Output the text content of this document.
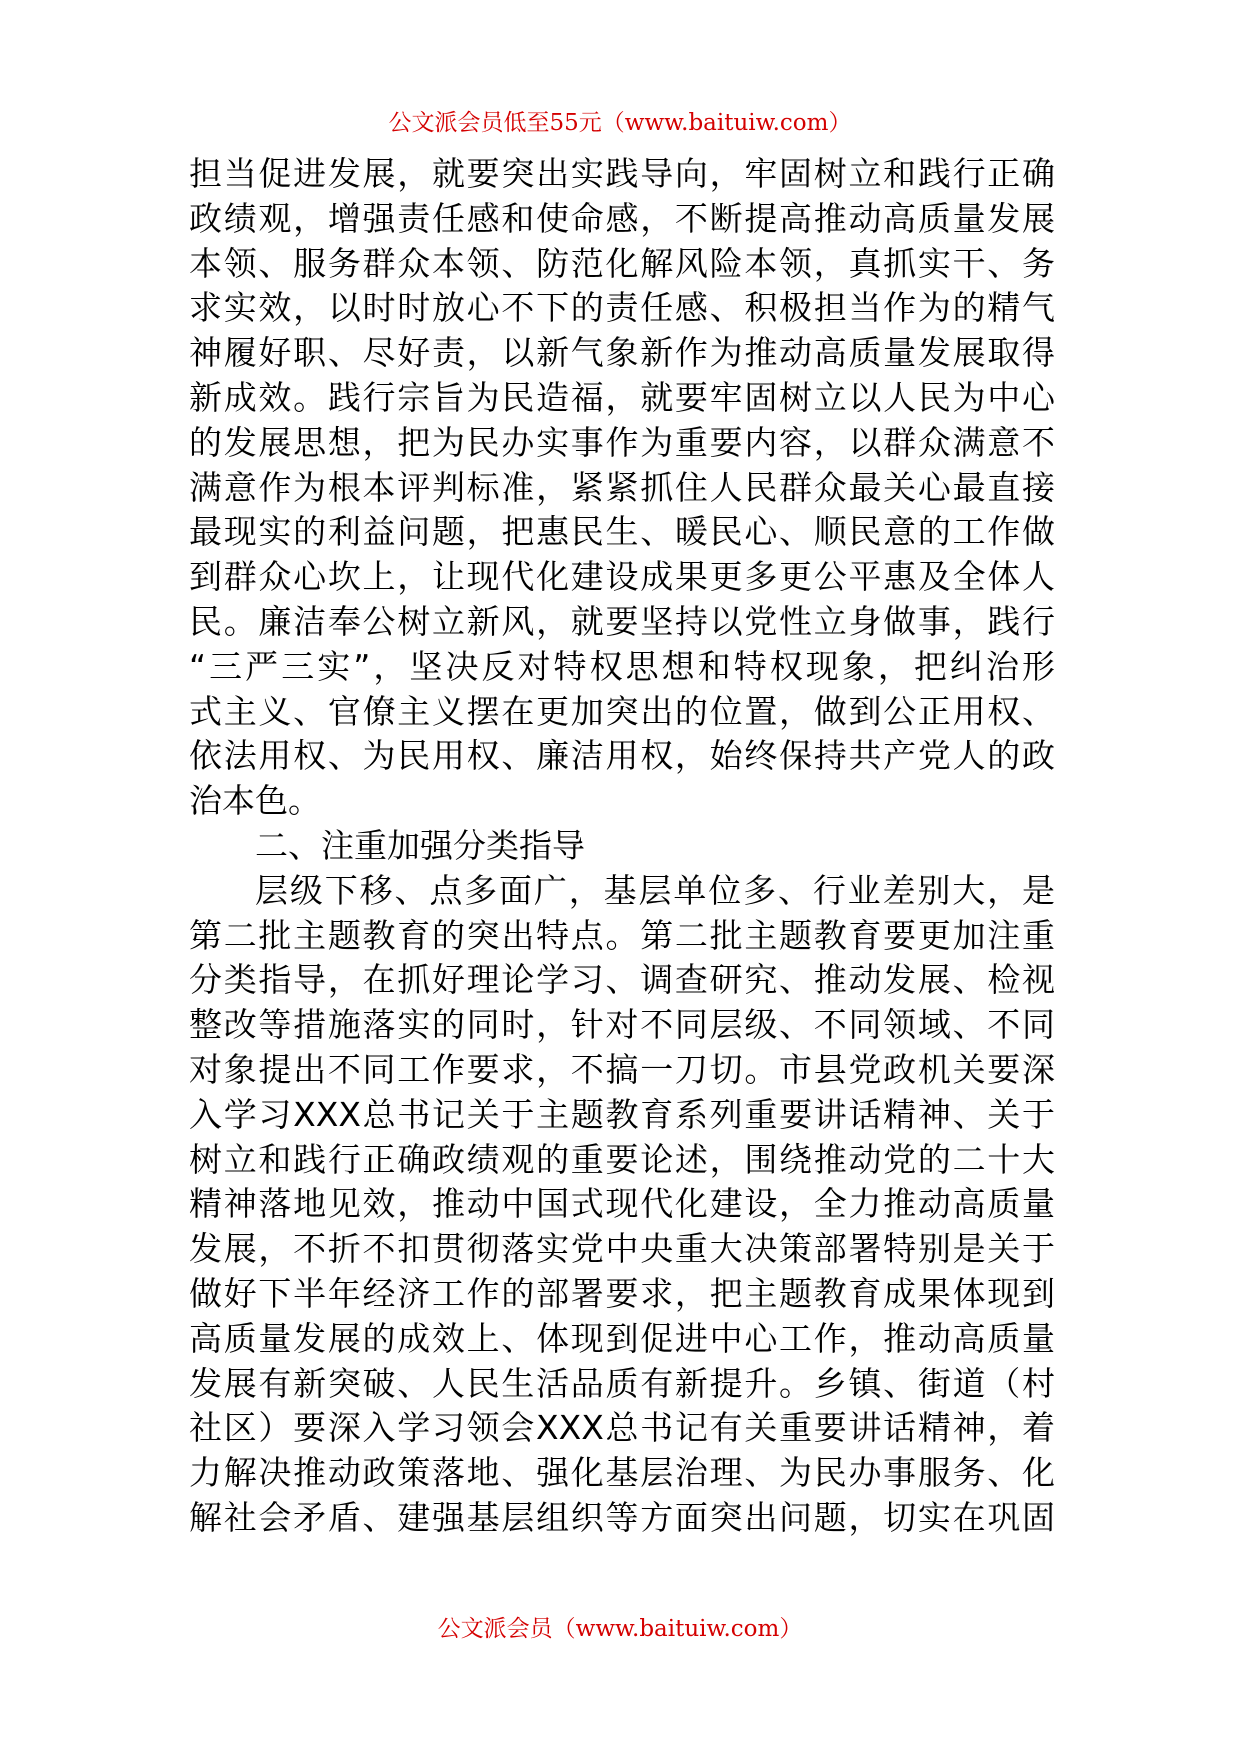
公文派会员低至55元（www.baituiw.com）
担当促进发展，就要突出实践导向，牢固树立和践行正确
政绩观，增强责任感和使命感，不断提高推动高质量发展
本领、服务群众本领、防范化解风险本领，真抓实干、务
求实效，以时时放心不下的责任感、积极担当作为的精气
神履好职、尽好责，以新气象新作为推动高质量发展取得
新成效。践行宗旨为民造福，就要牢固树立以人民为中心
的发展思想，把为民办实事作为重要内容，以群众满意不
满意作为根本评判标准，紧紧抓住人民群众最关心最直接
最现实的利益问题，把惠民生、暖民心、顺民意的工作做
到群众心坎上，让现代化建设成果更多更公平惠及全体人
民。廉洁奉公树立新风，就要坚持以党性立身做事，践行
“三严三实”，坚决反对特权思想和特权现象，把纠治形
式主义、官僚主义摆在更加突出的位置，做到公正用权、
依法用权、为民用权、廉洁用权，始终保持共产党人的政
治本色。
二、注重加强分类指导
层级下移、点多面广，基层单位多、行业差别大，是
第二批主题教育的突出特点。第二批主题教育要更加注重
分类指导，在抓好理论学习、调查研究、推动发展、检视
整改等措施落实的同时，针对不同层级、不同领域、不同
对象提出不同工作要求，不搞一刀切。市县党政机关要深
入学习XXX总书记关于主题教育系列重要讲话精神、关于
树立和践行正确政绩观的重要论述，围绕推动党的二十大
精神落地见效，推动中国式现代化建设，全力推动高质量
发展，不折不扣贯彻落实党中央重大决策部署特别是关于
做好下半年经济工作的部署要求，把主题教育成果体现到
高质量发展的成效上、体现到促进中心工作，推动高质量
发展有新突破、人民生活品质有新提升。乡镇、街道（村
社区）要深入学习领会XXX总书记有关重要讲话精神，着
力解决推动政策落地、强化基层治理、为民办事服务、化
解社会矛盾、建强基层组织等方面突出问题，切实在巩固
公文派会员（www.baituiw.com）
